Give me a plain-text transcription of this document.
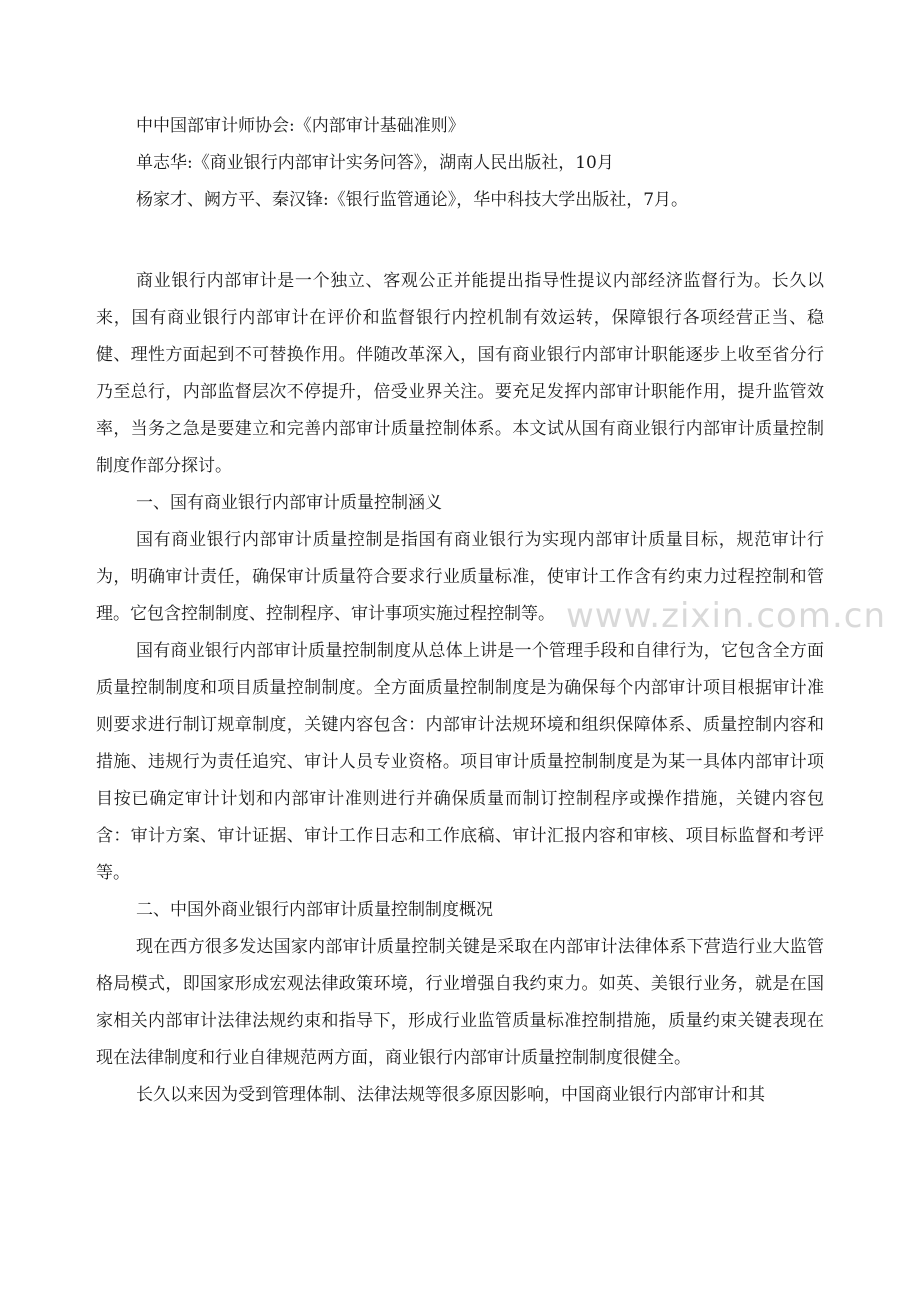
中中国部审计师协会:《内部审计基础准则》
单志华:《商业银行内部审计实务问答》，湖南人民出版社，10月
杨家才、阙方平、秦汉锋:《银行监管通论》，华中科技大学出版社，7月。

商业银行内部审计是一个独立、客观公正并能提出指导性提议内部经济监督行为。长久以来，国有商业银行内部审计在评价和监督银行内控机制有效运转，保障银行各项经营正当、稳健、理性方面起到不可替换作用。伴随改革深入，国有商业银行内部审计职能逐步上收至省分行乃至总行，内部监督层次不停提升，倍受业界关注。要充足发挥内部审计职能作用，提升监管效率，当务之急是要建立和完善内部审计质量控制体系。本文试从国有商业银行内部审计质量控制制度作部分探讨。

一、国有商业银行内部审计质量控制涵义

国有商业银行内部审计质量控制是指国有商业银行为实现内部审计质量目标，规范审计行为，明确审计责任，确保审计质量符合要求行业质量标准，使审计工作含有约束力过程控制和管理。它包含控制制度、控制程序、审计事项实施过程控制等。

国有商业银行内部审计质量控制制度从总体上讲是一个管理手段和自律行为，它包含全方面质量控制制度和项目质量控制制度。全方面质量控制制度是为确保每个内部审计项目根据审计准则要求进行制订规章制度，关键内容包含：内部审计法规环境和组织保障体系、质量控制内容和措施、违规行为责任追究、审计人员专业资格。项目审计质量控制制度是为某一具体内部审计项目按已确定审计计划和内部审计准则进行并确保质量而制订控制程序或操作措施，关键内容包含：审计方案、审计证据、审计工作日志和工作底稿、审计汇报内容和审核、项目标监督和考评等。

二、中国外商业银行内部审计质量控制制度概况

现在西方很多发达国家内部审计质量控制关键是采取在内部审计法律体系下营造行业大监管格局模式，即国家形成宏观法律政策环境，行业增强自我约束力。如英、美银行业务，就是在国家相关内部审计法律法规约束和指导下，形成行业监管质量标准控制措施，质量约束关键表现在现在法律制度和行业自律规范两方面，商业银行内部审计质量控制制度很健全。

长久以来因为受到管理体制、法律法规等很多原因影响，中国商业银行内部审计和其

www.zixin.com.cn
